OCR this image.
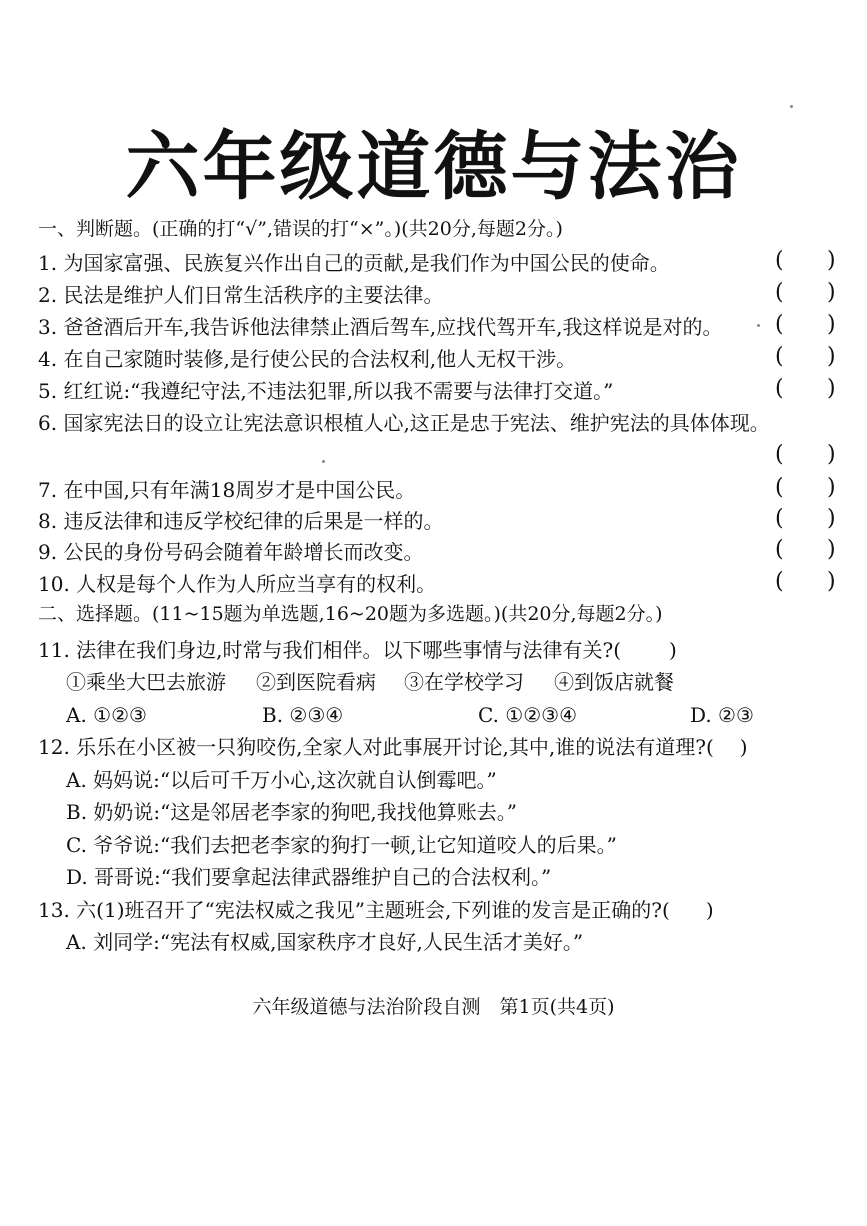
六年级道德与法治
一、判断题。(正确的打“√”,错误的打“×”。)(共20分,每题2分。)
1. 为国家富强、民族复兴作出自己的贡献,是我们作为中国公民的使命。	( )
2. 民法是维护人们日常生活秩序的主要法律。	( )
3. 爸爸酒后开车,我告诉他法律禁止酒后驾车,应找代驾开车,我这样说是对的。 ( )
4. 在自己家随时装修,是行使公民的合法权利,他人无权干涉。	( )
5. 红红说:“我遵纪守法,不违法犯罪,所以我不需要与法律打交道。”	( )
6. 国家宪法日的设立让宪法意识根植人心,这正是忠于宪法、维护宪法的具体体现。
( )
7. 在中国,只有年满18周岁才是中国公民。	( )
8. 违反法律和违反学校纪律的后果是一样的。	( )
9. 公民的身份号码会随着年龄增长而改变。	( )
10. 人权是每个人作为人所应当享有的权利。	( )
二、选择题。(11~15题为单选题,16~20题为多选题。)(共20分,每题2分。)
11. 法律在我们身边,时常与我们相伴。以下哪些事情与法律有关?( )
①乘坐大巴去旅游 ②到医院看病 ③在学校学习 ④到饭店就餐
A. ①②③	B. ②③④	C. ①②③④	D. ②③
12. 乐乐在小区被一只狗咬伤,全家人对此事展开讨论,其中,谁的说法有道理?( )
A. 妈妈说:“以后可千万小心,这次就自认倒霉吧。”
B. 奶奶说:“这是邻居老李家的狗吧,我找他算账去。”
C. 爷爷说:“我们去把老李家的狗打一顿,让它知道咬人的后果。”
D. 哥哥说:“我们要拿起法律武器维护自己的合法权利。”
13. 六(1)班召开了“宪法权威之我见”主题班会,下列谁的发言是正确的?( )
A. 刘同学:“宪法有权威,国家秩序才良好,人民生活才美好。”
六年级道德与法治阶段自测　第1页(共4页)
